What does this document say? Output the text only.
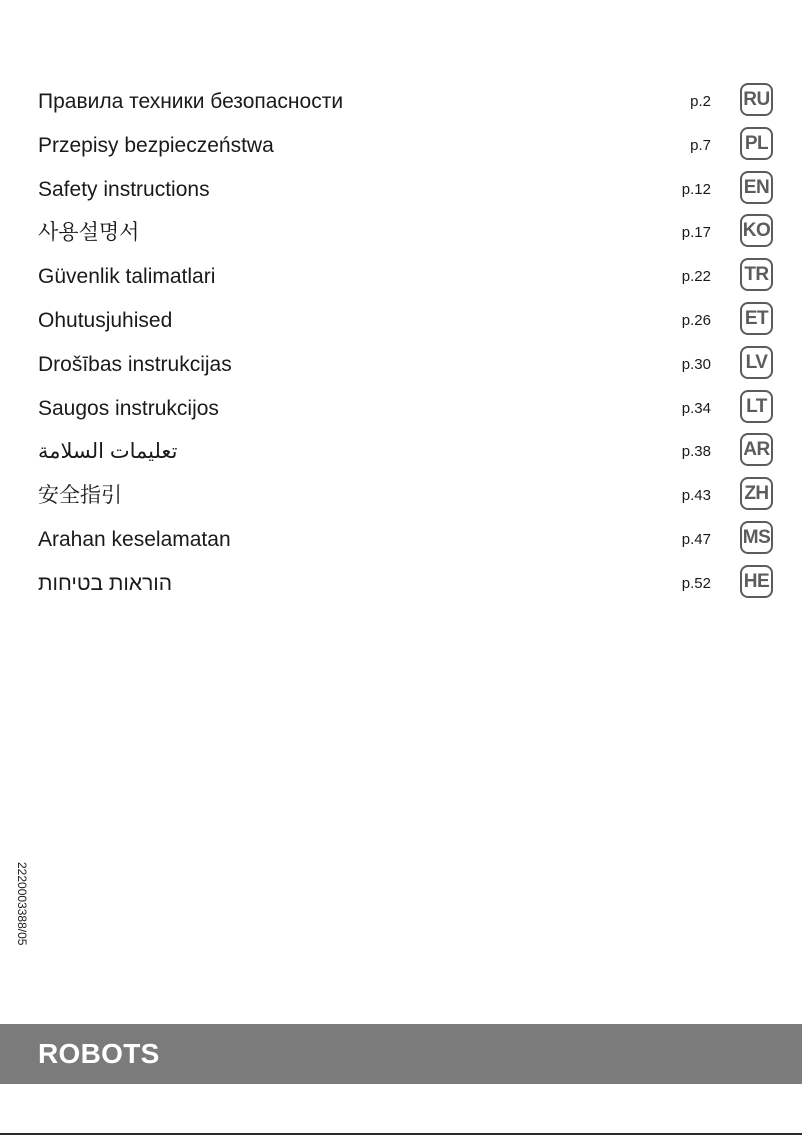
Правила техники безопасности	p.2 RU
Przepisy bezpieczeństwa	p.7 PL
Safety instructions	p.12 EN
사용설명서	p.17 KO
Güvenlik talimatlari	p.22 TR
Ohutusjuhised	p.26 ET
Drošības instrukcijas	p.30 LV
Saugos instrukcijos	p.34	LT
تعليمات السلامة	p.38 AR
安全指引	p.43 ZH
Arahan keselamatan	p.47 MS
הוראות בטיחות	p.52 HE
2220003388/05
ROBOTS
